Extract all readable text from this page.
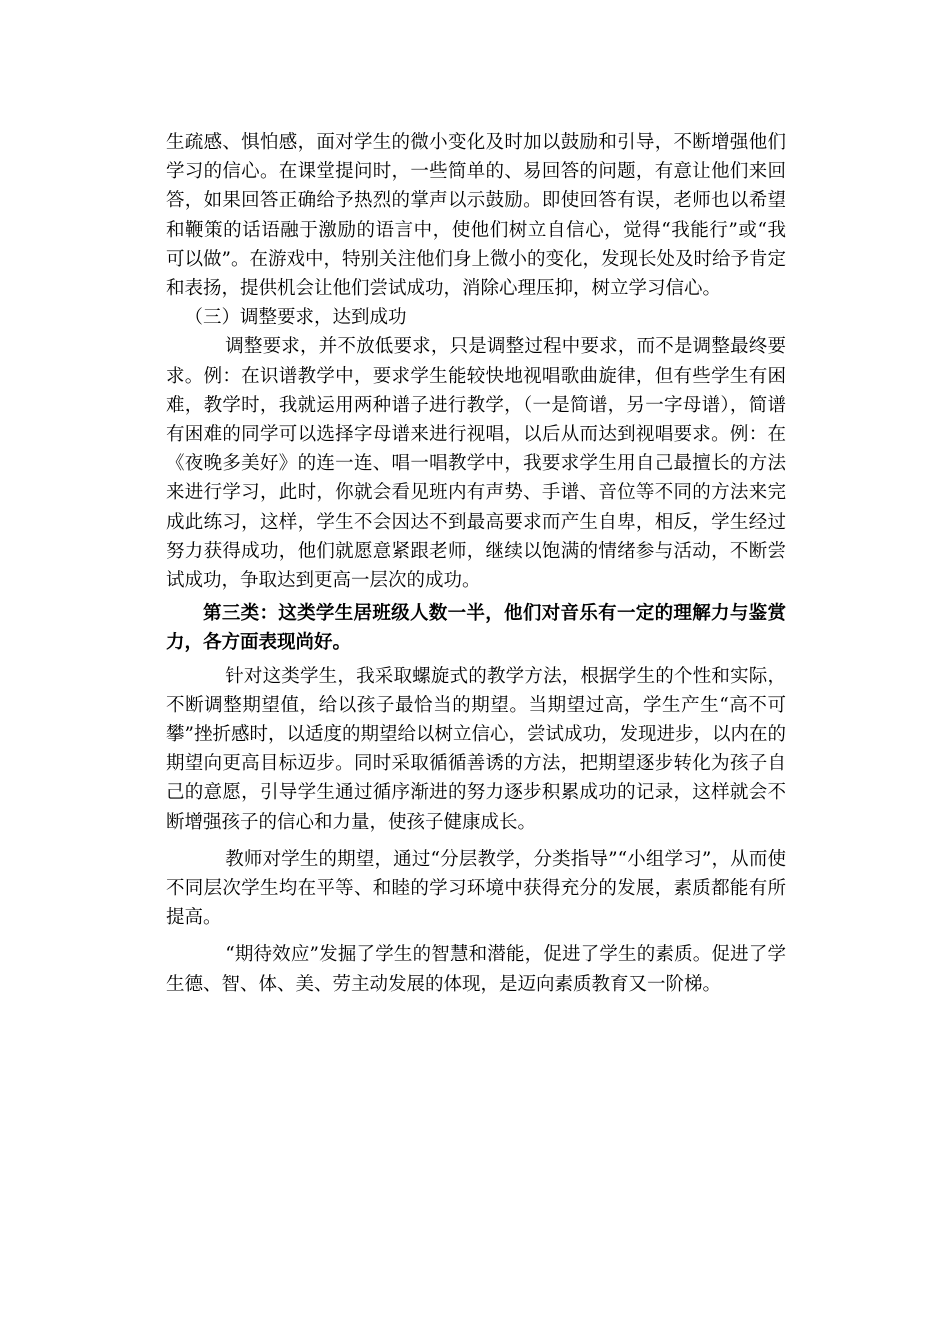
生疏感、惧怕感，面对学生的微小变化及时加以鼓励和引导，不断增强他们学习的信心。在课堂提问时，一些简单的、易回答的问题，有意让他们来回答，如果回答正确给予热烈的掌声以示鼓励。即使回答有误，老师也以希望和鞭策的话语融于激励的语言中，使他们树立自信心，觉得“我能行”或“我可以做”。在游戏中，特别关注他们身上微小的变化，发现长处及时给予肯定和表扬，提供机会让他们尝试成功，消除心理压抑，树立学习信心。

（三）调整要求，达到成功

调整要求，并不放低要求，只是调整过程中要求，而不是调整最终要求。例：在识谱教学中，要求学生能较快地视唱歌曲旋律，但有些学生有困难，教学时，我就运用两种谱子进行教学，（一是简谱，另一字母谱），简谱有困难的同学可以选择字母谱来进行视唱，以后从而达到视唱要求。例：在《夜晚多美好》的连一连、唱一唱教学中，我要求学生用自己最擅长的方法来进行学习，此时，你就会看见班内有声势、手谱、音位等不同的方法来完成此练习，这样，学生不会因达不到最高要求而产生自卑，相反，学生经过努力获得成功，他们就愿意紧跟老师，继续以饱满的情绪参与活动，不断尝试成功，争取达到更高一层次的成功。

第三类：这类学生居班级人数一半，他们对音乐有一定的理解力与鉴赏力，各方面表现尚好。

针对这类学生，我采取螺旋式的教学方法，根据学生的个性和实际，不断调整期望值，给以孩子最恰当的期望。当期望过高，学生产生“高不可攀”挫折感时，以适度的期望给以树立信心，尝试成功，发现进步，以内在的期望向更高目标迈步。同时采取循循善诱的方法，把期望逐步转化为孩子自己的意愿，引导学生通过循序渐进的努力逐步积累成功的记录，这样就会不断增强孩子的信心和力量，使孩子健康成长。

教师对学生的期望，通过“分层教学，分类指导”“小组学习”，从而使不同层次学生均在平等、和睦的学习环境中获得充分的发展，素质都能有所提高。

“期待效应”发掘了学生的智慧和潜能，促进了学生的素质。促进了学生德、智、体、美、劳主动发展的体现，是迈向素质教育又一阶梯。
